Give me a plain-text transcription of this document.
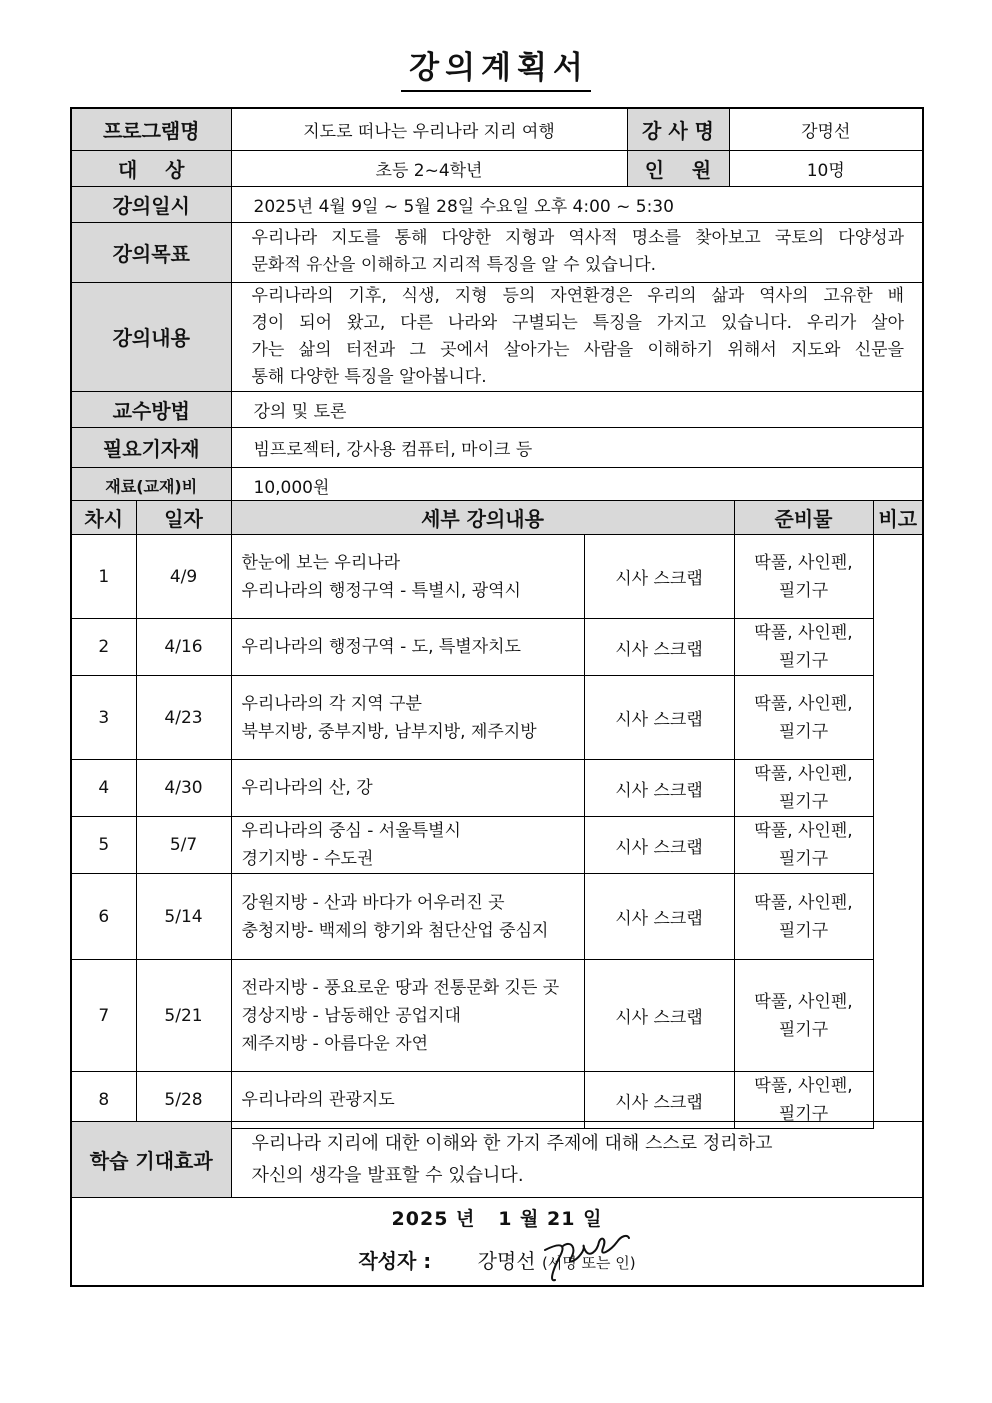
강의계획서
프로그램명	지도로 떠나는 우리나라 지리 여행	강 사 명	강명선
대    상	초등 2~4학년	인    원	10명
강의일시	2025년 4월 9일 ~ 5월 28일 수요일 오후 4:00 ~ 5:30		
강의목표	우리나라 지도를 통해 다양한 지형과 역사적 명소를 찾아보고 국토의 다양성과
문화적 유산을 이해하고 지리적 특징을 알 수 있습니다.		

강의내용	우리나라의 기후, 식생, 지형 등의 자연환경은 우리의 삶과 역사의 고유한 배
경이 되어 왔고, 다른 나라와 구별되는 특징을 가지고 있습니다. 우리가 살아
가는 삶의 터전과 그 곳에서 살아가는 사람을 이해하기 위해서 지도와 신문을
통해 다양한 특징을 알아봅니다.		

교수방법	강의 및 토론		
필요기자재	빔프로젝터, 강사용 컴퓨터, 마이크 등		
재료(교재)비	10,000원		
차시	일자	세부 강의내용		준비물	비고
1	4/9	한눈에 보는 우리나라
우리나라의 행정구역 - 특별시, 광역시	시사 스크랩	딱풀, 사인펜,
필기구	

2	4/16	우리나라의 행정구역 - 도, 특별자치도	시사 스크랩	딱풀, 사인펜,
필기구	

3	4/23	우리나라의 각 지역 구분
북부지방, 중부지방, 남부지방, 제주지방	시사 스크랩	딱풀, 사인펜,
필기구	

4	4/30	우리나라의 산, 강	시사 스크랩	딱풀, 사인펜,
필기구	

5	5/7	우리나라의 중심 - 서울특별시
경기지방 - 수도권	시사 스크랩	딱풀, 사인펜,
필기구	

6	5/14	강원지방 - 산과 바다가 어우러진 곳
충청지방- 백제의 향기와 첨단산업 중심지	시사 스크랩	딱풀, 사인펜,
필기구	

7	5/21	전라지방 - 풍요로운 땅과 전통문화 깃든 곳
경상지방 - 남동해안 공업지대
제주지방 - 아름다운 자연	시사 스크랩	딱풀, 사인펜,
필기구	

8	5/28	우리나라의 관광지도	시사 스크랩	딱풀, 사인펜,
필기구	
학습 기대효과	
우리나라 지리에 대한 이해와 한 가지 주제에 대해 스스로 정리하고
자신의 생각을 발표할 수 있습니다.

2025 년   1 월 21 일
작성자 : 강명선 (서명 또는 인)
